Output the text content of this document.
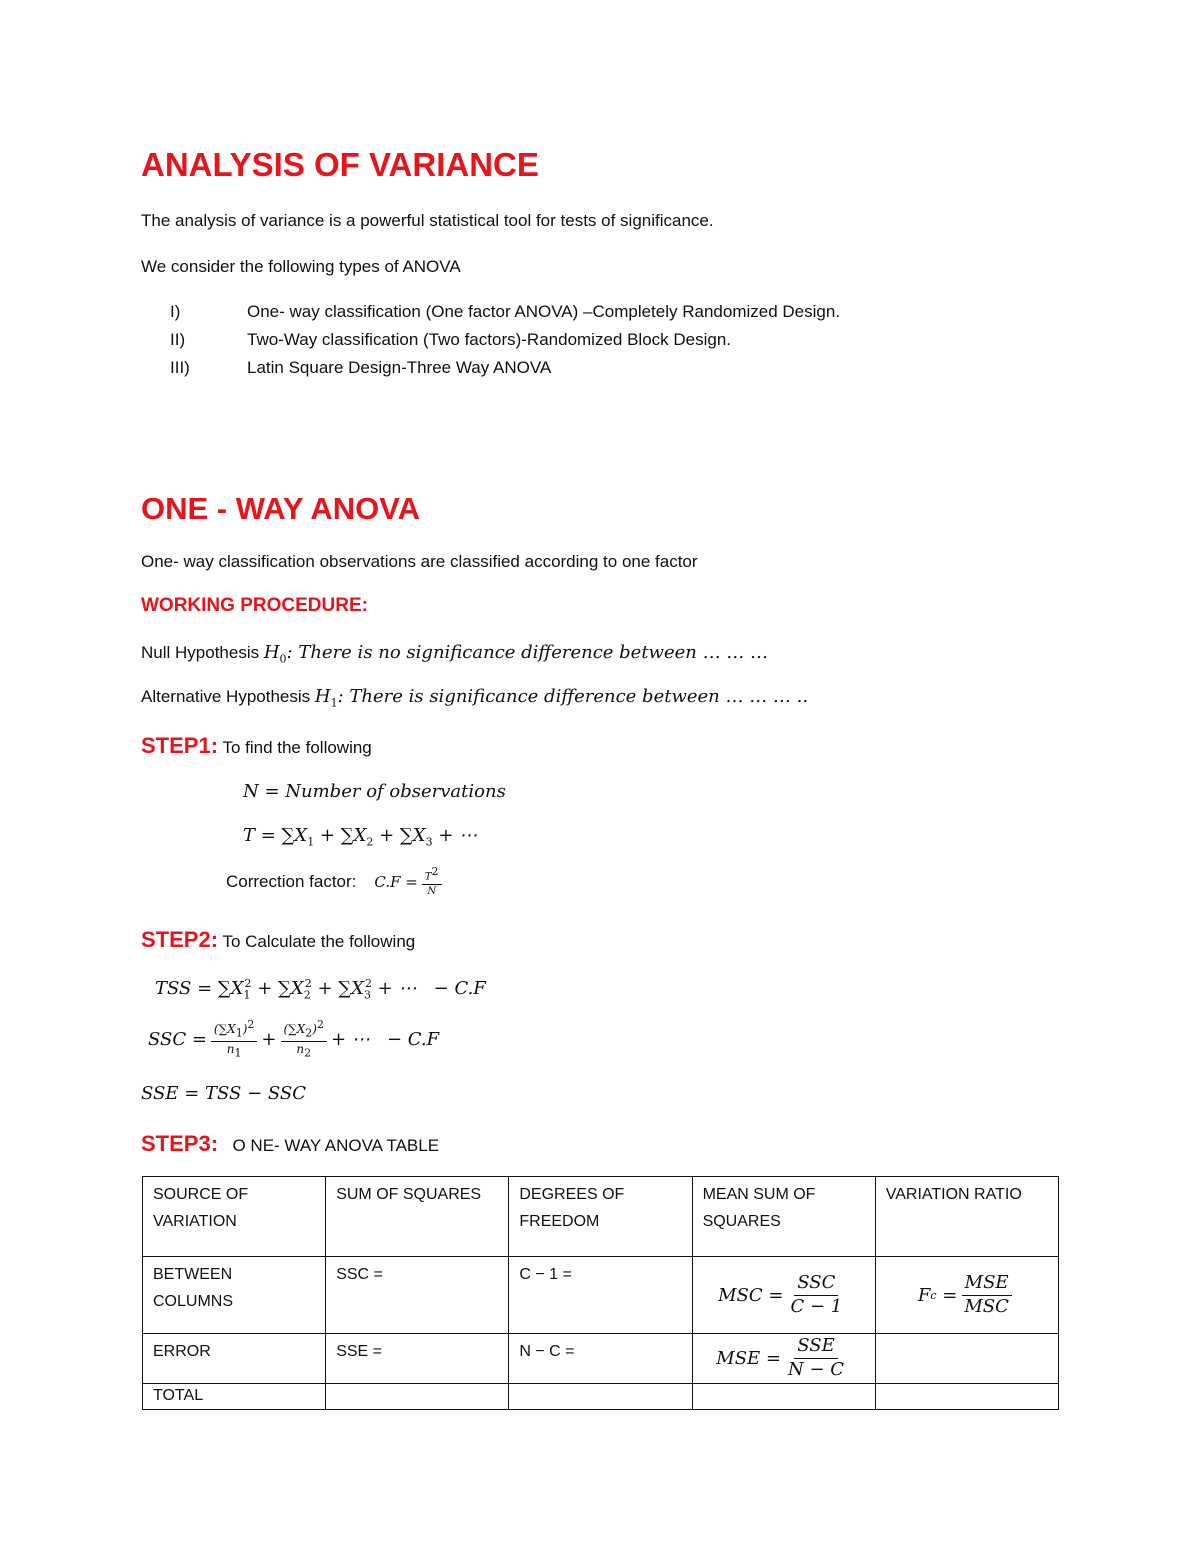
ANALYSIS OF VARIANCE
The analysis of variance is a powerful statistical tool for tests of significance.
We consider the following types of ANOVA
I)	One- way classification (One factor ANOVA) –Completely Randomized Design.
II)	Two-Way classification (Two factors)-Randomized Block Design.
III)	Latin Square Design-Three Way ANOVA
ONE - WAY ANOVA
One- way classification observations are classified according to one factor
WORKING PROCEDURE:
Null Hypothesis $H_0$: There is no significance difference between … … …
Alternative Hypothesis $H_1$: There is significance difference between … … … ..
STEP1: To find the following
N = Number of observations
$T = \sum X_1 + \sum X_2 + \sum X_3$ + ⋯
Correction factor: $C.F = \frac{T^2}{N}$
STEP2: To Calculate the following
TSS = $\sum X_1^2 + \sum X_2^2 + \sum X_3^2$ + ⋯   − C.F
SSC = $\frac{(\sum X_1)^2}{n_1} + \frac{(\sum X_2)^2}{n_2}$ + ⋯   − C.F
SSE = TSS − SSC
STEP3: O NE- WAY ANOVA TABLE
SOURCE OF VARIATION	SUM OF SQUARES	DEGREES OF FREEDOM	MEAN SUM OF SQUARES	VARIATION RATIO
BETWEEN COLUMNS	SSC =	C − 1 =	MSC = $\frac{\text{SSC}}{C - 1}$	F $c = \frac{\text{MSE}}{\text{MSC}}$

ERROR	SSE =	N − C =	MSE = $\frac{\text{SSE}}{N - C}$

TOTAL				
